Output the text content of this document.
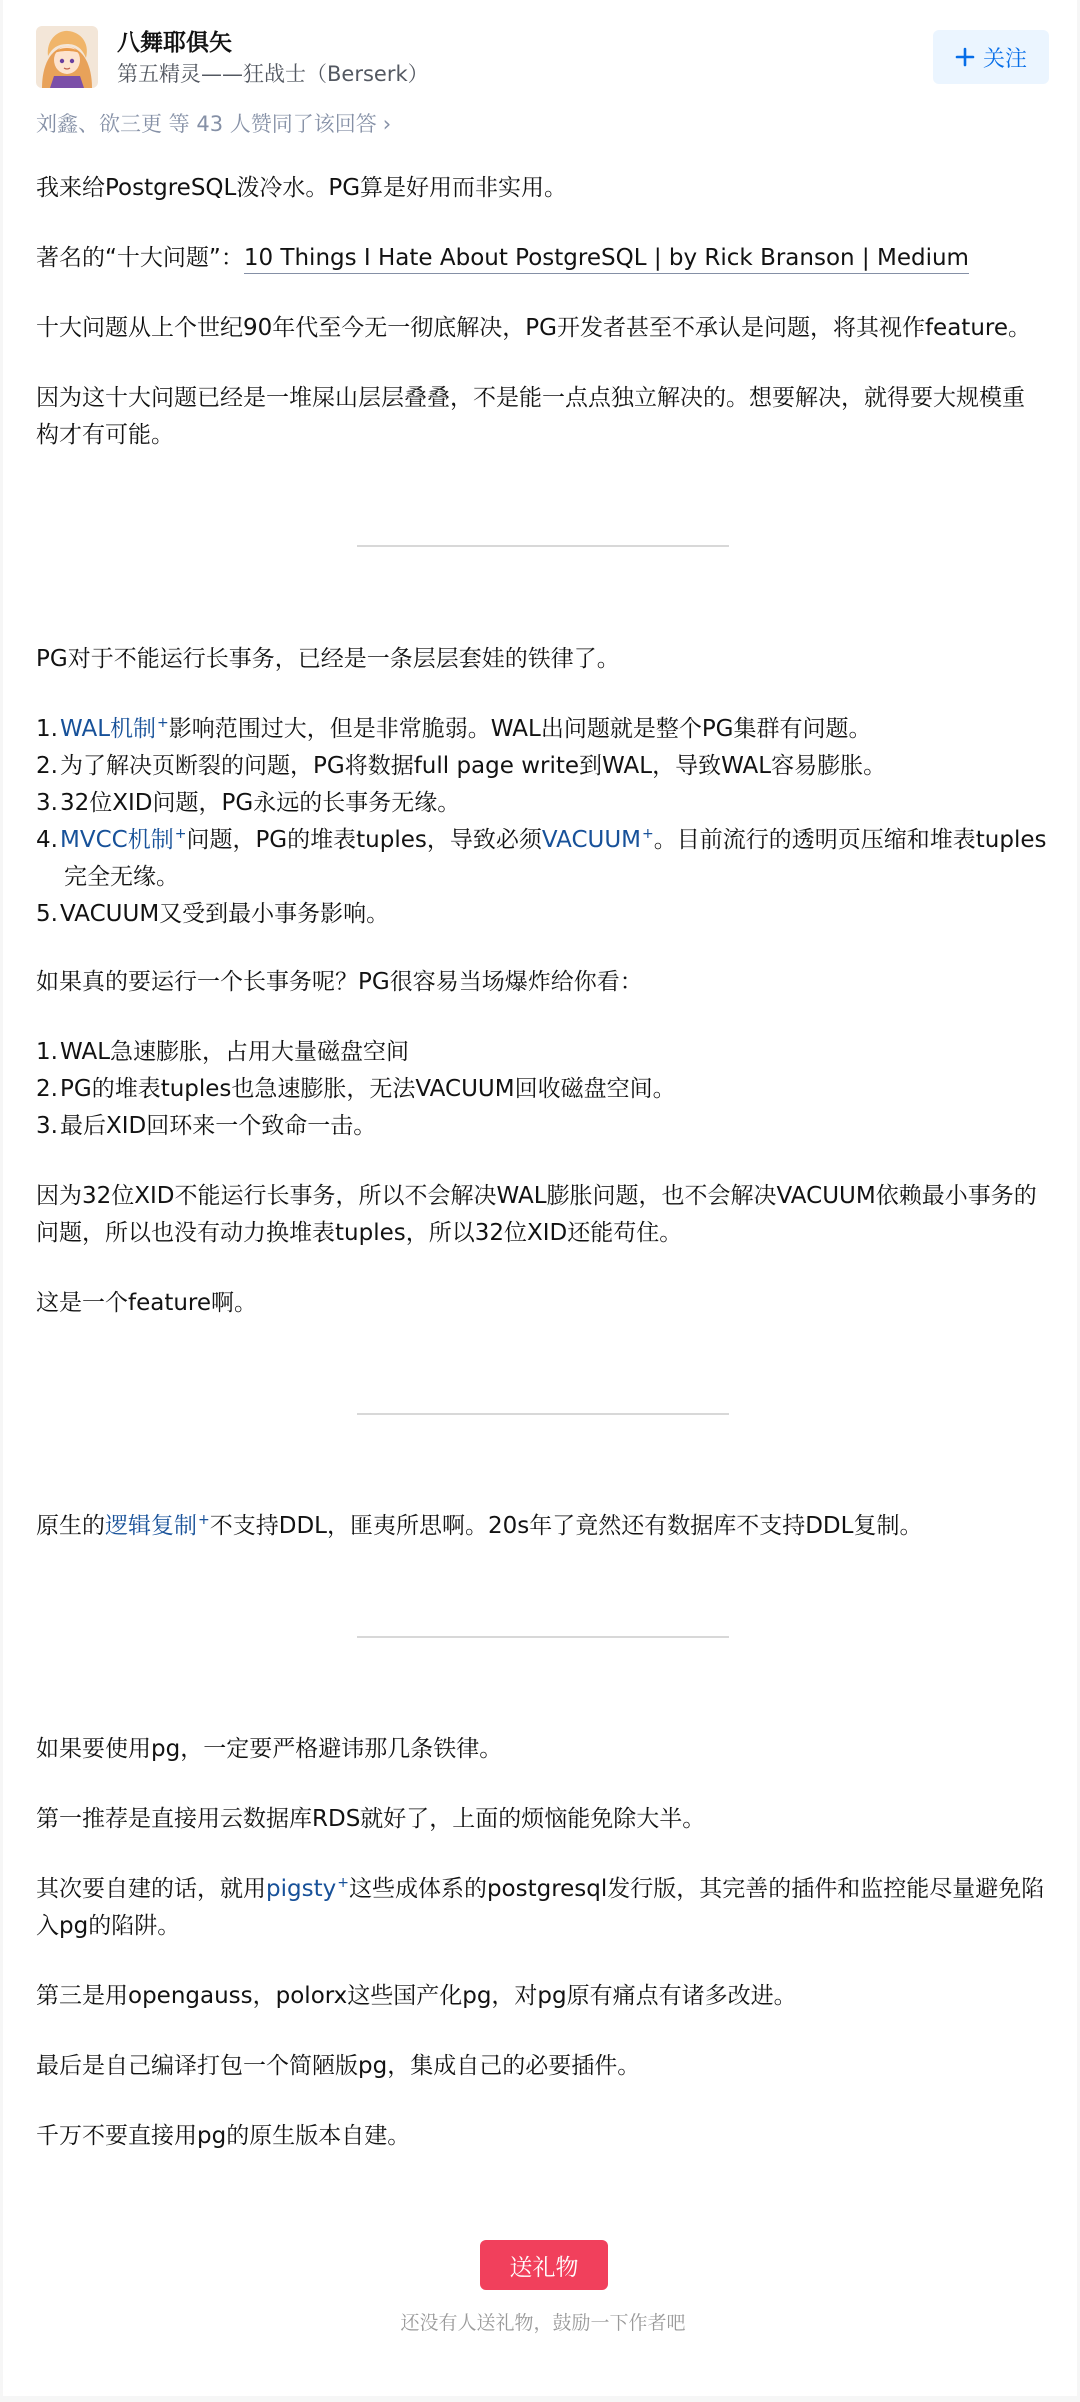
八舞耶俱矢
第五精灵——狂战士（Berserk）
关注
刘鑫、欲三更 等 43 人赞同了该回答 ›
我来给PostgreSQL泼冷水。PG算是好用而非实用。
著名的“十大问题”：10 Things I Hate About PostgreSQL | by Rick Branson | Medium
十大问题从上个世纪90年代至今无一彻底解决，PG开发者甚至不承认是问题，将其视作feature。
因为这十大问题已经是一堆屎山层层叠叠，不是能一点点独立解决的。想要解决，就得要大规模重
构才有可能。
PG对于不能运行长事务，已经是一条层层套娃的铁律了。
1.WAL机制+影响范围过大，但是非常脆弱。WAL出问题就是整个PG集群有问题。
2.为了解决页断裂的问题，PG将数据full page write到WAL，导致WAL容易膨胀。
3.32位XID问题，PG永远的长事务无缘。
4.MVCC机制+问题，PG的堆表tuples，导致必须VACUUM+。目前流行的透明页压缩和堆表tuples
完全无缘。
5.VACUUM又受到最小事务影响。
如果真的要运行一个长事务呢？PG很容易当场爆炸给你看：
1.WAL急速膨胀，占用大量磁盘空间
2.PG的堆表tuples也急速膨胀，无法VACUUM回收磁盘空间。
3.最后XID回环来一个致命一击。
因为32位XID不能运行长事务，所以不会解决WAL膨胀问题，也不会解决VACUUM依赖最小事务的
问题，所以也没有动力换堆表tuples，所以32位XID还能苟住。
这是一个feature啊。
原生的逻辑复制+不支持DDL，匪夷所思啊。20s年了竟然还有数据库不支持DDL复制。
如果要使用pg，一定要严格避讳那几条铁律。
第一推荐是直接用云数据库RDS就好了，上面的烦恼能免除大半。
其次要自建的话，就用pigsty+这些成体系的postgresql发行版，其完善的插件和监控能尽量避免陷
入pg的陷阱。
第三是用opengauss，polorx这些国产化pg，对pg原有痛点有诸多改进。
最后是自己编译打包一个简陋版pg，集成自己的必要插件。
千万不要直接用pg的原生版本自建。
送礼物
还没有人送礼物，鼓励一下作者吧
